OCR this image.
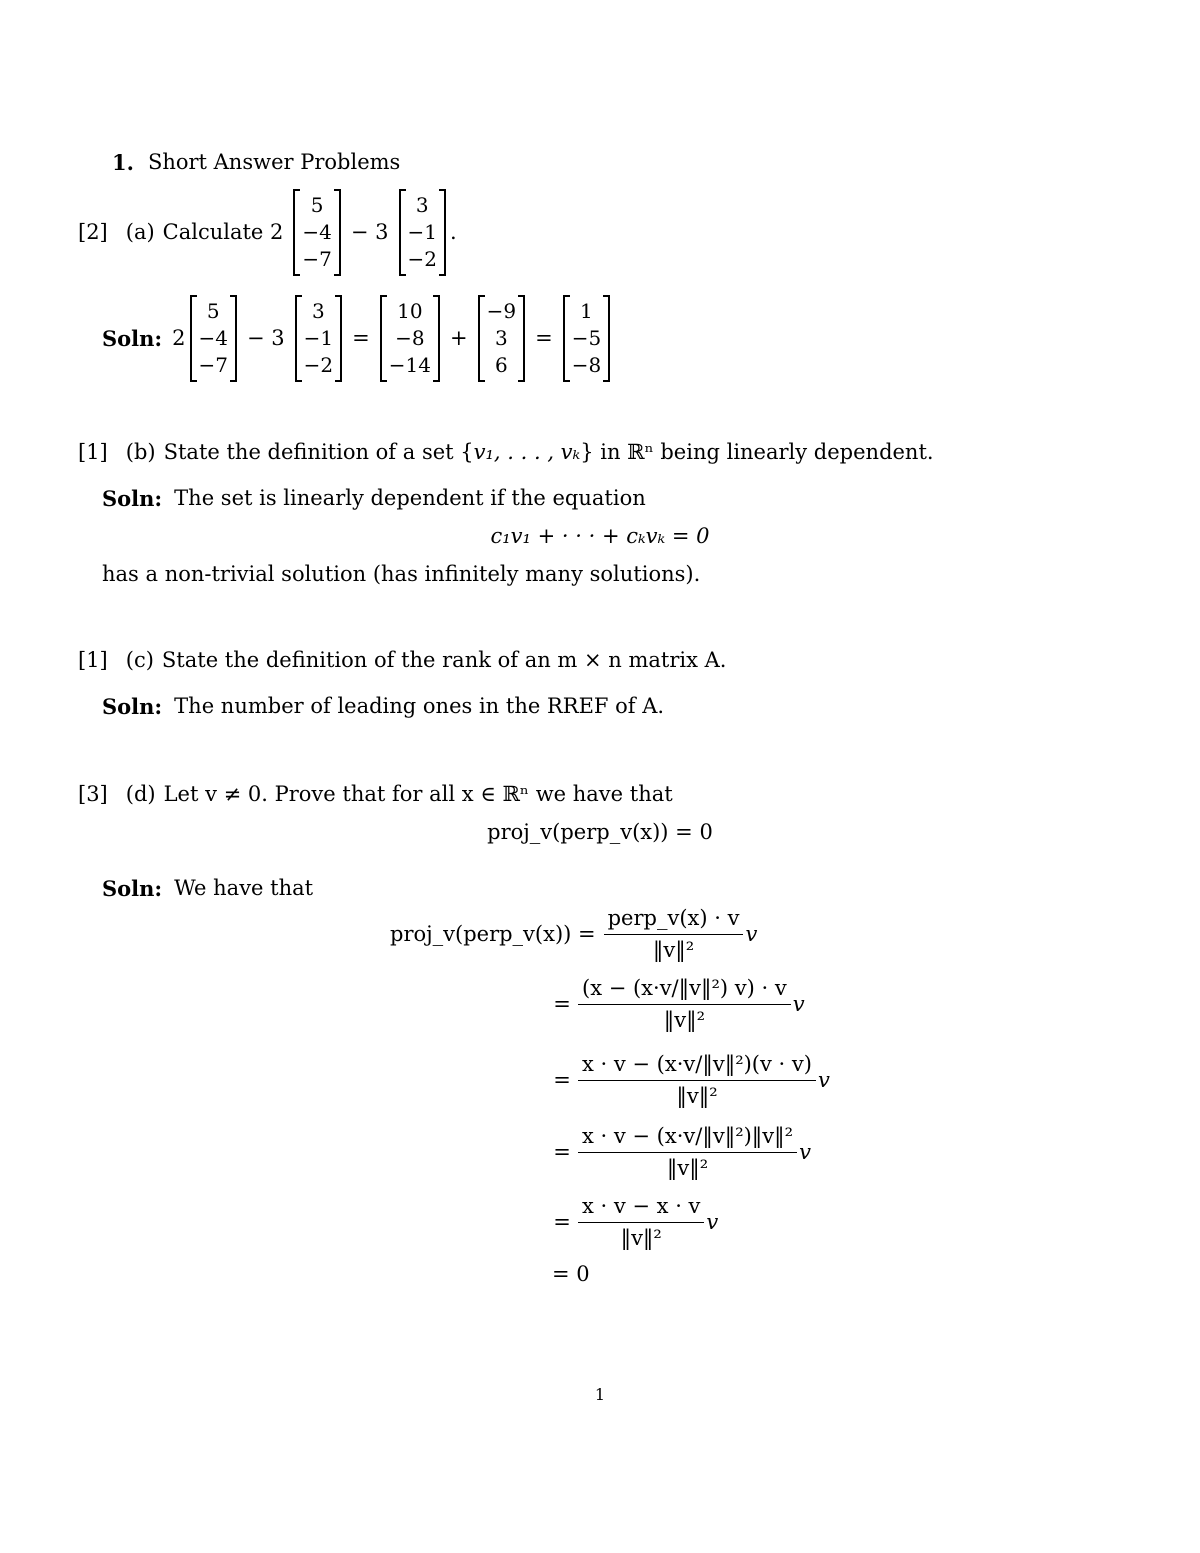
1. Short Answer Problems
[2] (a) Calculate 2
5
−4
−7
− 3
3
−1
−2
.
Soln: 2
5
−4
−7
− 3
3
−1
−2
=
10
−8
−14
+
−9
3
6
=
1
−5
−8
[1] (b) State the definition of a set { v₁, . . . , vₖ } in ℝⁿ being linearly dependent.
Soln: The set is linearly dependent if the equation
c₁v₁ + · · · + cₖvₖ = 0
has a non-trivial solution (has infinitely many solutions).
[1] (c) State the definition of the rank of an m × n matrix A.
Soln: The number of leading ones in the RREF of A.
[3] (d) Let v ≠ 0. Prove that for all x ∈ ℝⁿ we have that
proj_v(perp_v(x)) = 0
Soln: We have that
proj_v(perp_v(x)) = $\frac{\text{perp\_v(x) · v}}{\text{‖v‖²}}$ v
= $\frac{\text{(x − (x·v/‖v‖²) v) · v}}{\text{‖v‖²}}$ v
= $\frac{\text{x · v − (x·v/‖v‖²)(v · v)}}{\text{‖v‖²}}$ v
= $\frac{\text{x · v − (x·v/‖v‖²)‖v‖²}}{\text{‖v‖²}}$ v
= $\frac{x \cdot v - x \cdot v}{\text{‖v‖²}}$ v
= 0
1
